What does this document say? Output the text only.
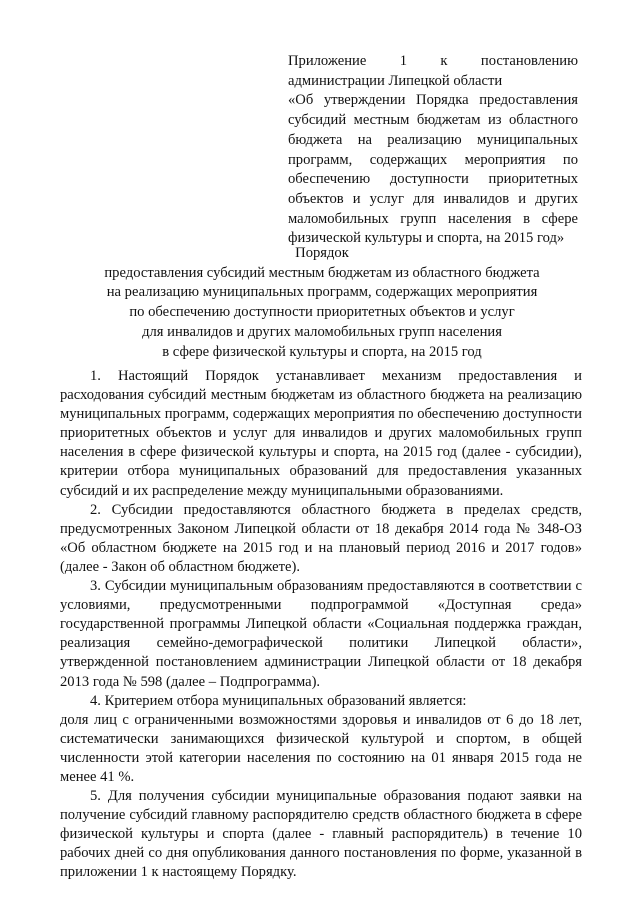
Приложение 1 к постановлению

администрации Липецкой области

«Об утверждении Порядка предоставления субсидий местным бюджетам из областного бюджета на реализацию муниципальных программ, содержащих мероприятия по обеспечению доступности приоритетных объектов и услуг для инвалидов и других маломобильных групп населения в сфере физической культуры и спорта, на 2015 год»

Порядок

предоставления субсидий местным бюджетам из областного бюджета

на реализацию муниципальных программ, содержащих мероприятия

по обеспечению доступности приоритетных объектов и услуг

для инвалидов и других маломобильных групп населения

в сфере физической культуры и спорта, на 2015 год

1. Настоящий Порядок устанавливает механизм предоставления и расходования субсидий местным бюджетам из областного бюджета на реализацию муниципальных программ, содержащих мероприятия по обеспечению доступности приоритетных объектов и услуг для инвалидов и других маломобильных групп населения в сфере физической культуры и спорта, на 2015 год (далее - субсидии), критерии отбора муниципальных образований для предоставления указанных субсидий и их распределение между муниципальными образованиями.

2. Субсидии предоставляются областного бюджета в пределах средств, предусмотренных Законом Липецкой области от 18 декабря 2014 года № 348-ОЗ «Об областном бюджете на 2015 год и на плановый период 2016 и 2017 годов» (далее - Закон об областном бюджете).

3. Субсидии муниципальным образованиям предоставляются в соответствии с условиями, предусмотренными подпрограммой «Доступная среда» государственной программы Липецкой области «Социальная поддержка граждан, реализация семейно-демографической политики Липецкой области», утвержденной постановлением администрации Липецкой области от 18 декабря 2013 года № 598 (далее – Подпрограмма).

4. Критерием отбора муниципальных образований является:

доля лиц с ограниченными возможностями здоровья и инвалидов от 6 до 18 лет, систематически занимающихся физической культурой и спортом, в общей численности этой категории населения по состоянию на 01 января 2015 года не менее 41 %.

5. Для получения субсидии муниципальные образования подают заявки на получение субсидий главному распорядителю средств областного бюджета в сфере физической культуры и спорта (далее - главный распорядитель) в течение 10 рабочих дней со дня опубликования данного постановления по форме, указанной в приложении 1 к настоящему Порядку.
